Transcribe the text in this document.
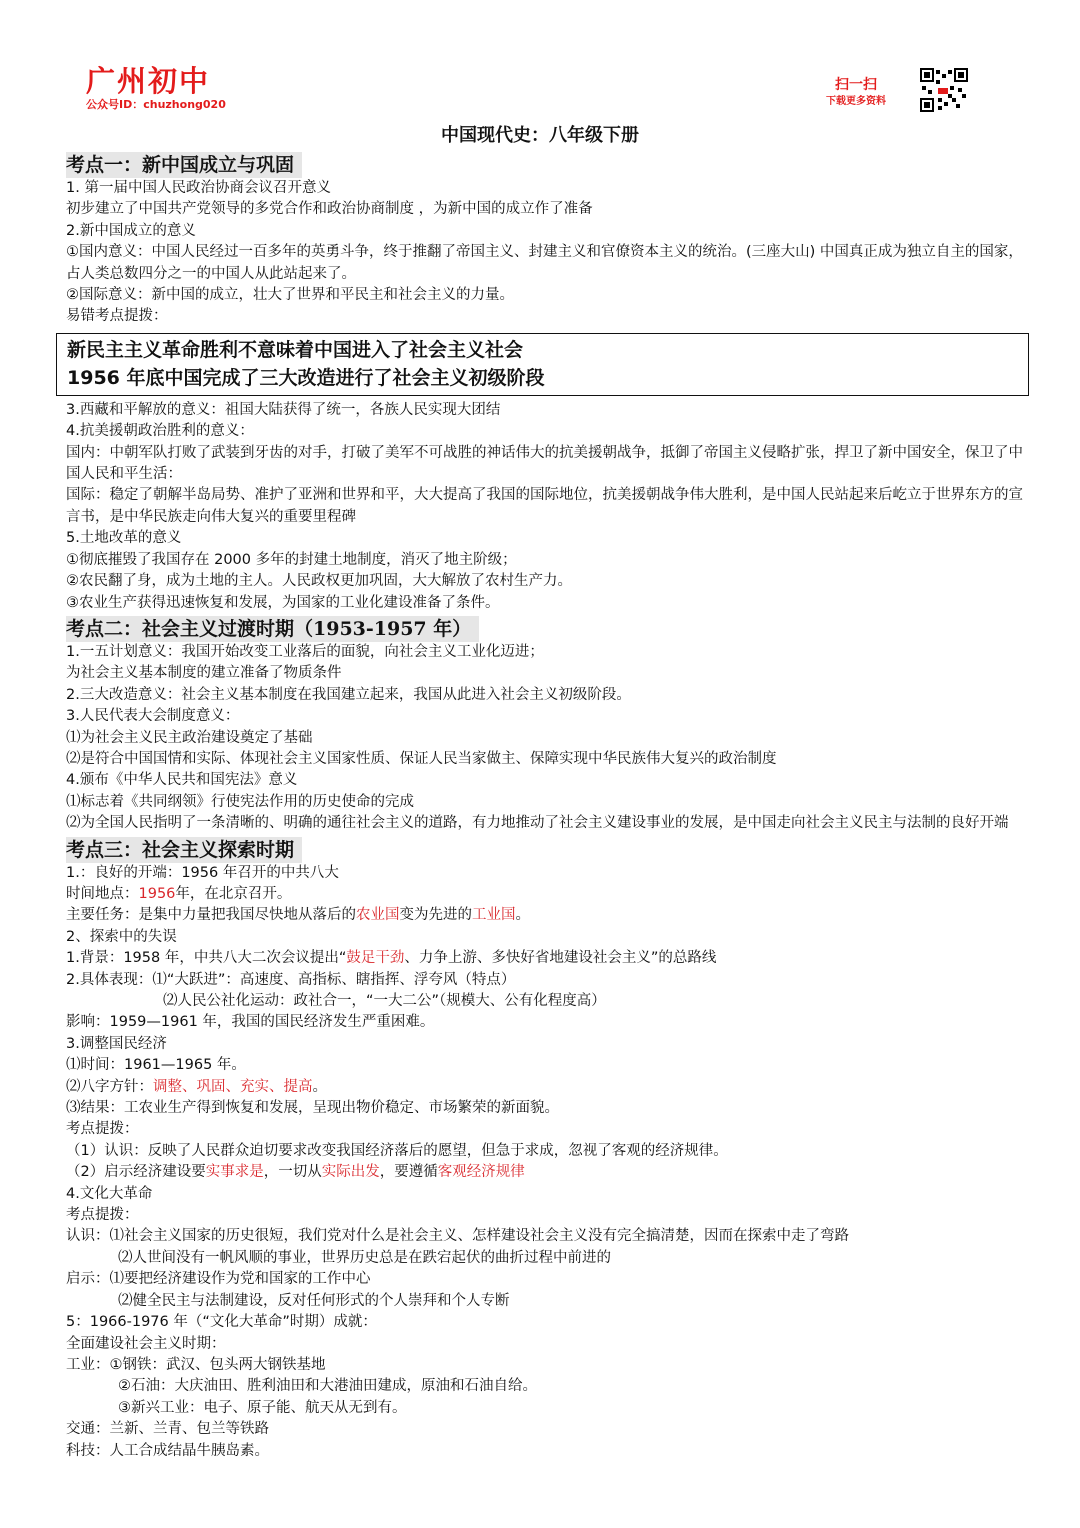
广州初中
公众号ID：chuzhong020
扫一扫
下载更多资料
中国现代史：八年级下册
考点一：新中国成立与巩固
1. 第一届中国人民政治协商会议召开意义
初步建立了中国共产党领导的多党合作和政治协商制度 ，为新中国的成立作了准备
2.新中国成立的意义
①国内意义：中国人民经过一百多年的英勇斗争，终于推翻了帝国主义、封建主义和官僚资本主义的统治。(三座大山) 中国真正成为独立自主的国家，占人类总数四分之一的中国人从此站起来了。
②国际意义：新中国的成立，壮大了世界和平民主和社会主义的力量。
易错考点提拨：
新民主主义革命胜利不意味着中国进入了社会主义社会
1956 年底中国完成了三大改造进行了社会主义初级阶段
3.西藏和平解放的意义：祖国大陆获得了统一，各族人民实现大团结
4.抗美援朝政治胜利的意义：
国内：中朝军队打败了武装到牙齿的对手，打破了美军不可战胜的神话伟大的抗美援朝战争，抵御了帝国主义侵略扩张，捍卫了新中国安全，保卫了中国人民和平生活：
国际：稳定了朝解半岛局势、准护了亚洲和世界和平，大大提高了我国的国际地位，抗美援朝战争伟大胜利，是中国人民站起来后屹立于世界东方的宣言书，是中华民族走向伟大复兴的重要里程碑
5.土地改革的意义
①彻底摧毁了我国存在 2000 多年的封建土地制度，消灭了地主阶级；
②农民翻了身，成为土地的主人。人民政权更加巩固，大大解放了农村生产力。
③农业生产获得迅速恢复和发展，为国家的工业化建设准备了条件。
考点二：社会主义过渡时期（1953-1957 年）
1.一五计划意义：我国开始改变工业落后的面貌，向社会主义工业化迈进；
为社会主义基本制度的建立准备了物质条件
2.三大改造意义：社会主义基本制度在我国建立起来，我国从此进入社会主义初级阶段。
3.人民代表大会制度意义：
⑴为社会主义民主政治建设奠定了基础
⑵是符合中国国情和实际、体现社会主义国家性质、保证人民当家做主、保障实现中华民族伟大复兴的政治制度
4.颁布《中华人民共和国宪法》意义
⑴标志着《共同纲领》行使宪法作用的历史使命的完成
⑵为全国人民指明了一条清晰的、明确的通往社会主义的道路，有力地推动了社会主义建设事业的发展，是中国走向社会主义民主与法制的良好开端
考点三：社会主义探索时期
1.：良好的开端：1956 年召开的中共八大
时间地点：1956年，在北京召开。
主要任务：是集中力量把我国尽快地从落后的农业国变为先进的工业国。
2、探索中的失误
1.背景：1958 年，中共八大二次会议提出“鼓足干劲、力争上游、多快好省地建设社会主义”的总路线
2.具体表现：⑴“大跃进”：高速度、高指标、瞎指挥、浮夸风（特点）
⑵人民公社化运动：政社合一，“一大二公”（规模大、公有化程度高）
影响：1959—1961 年，我国的国民经济发生严重困难。
3.调整国民经济
⑴时间：1961—1965 年。
⑵八字方针：调整、巩固、充实、提高。
⑶结果：工农业生产得到恢复和发展，呈现出物价稳定、市场繁荣的新面貌。
考点提拨：
（1）认识：反映了人民群众迫切要求改变我国经济落后的愿望，但急于求成，忽视了客观的经济规律。
（2）启示经济建设要实事求是，一切从实际出发，要遵循客观经济规律
4.文化大革命
考点提拨：
认识：⑴社会主义国家的历史很短，我们党对什么是社会主义、怎样建设社会主义没有完全搞清楚，因而在探索中走了弯路
⑵人世间没有一帆风顺的事业，世界历史总是在跌宕起伏的曲折过程中前进的
启示：⑴要把经济建设作为党和国家的工作中心
⑵健全民主与法制建设，反对任何形式的个人崇拜和个人专断
5：1966-1976 年（“文化大革命”时期）成就：
全面建设社会主义时期：
工业：①钢铁：武汉、包头两大钢铁基地
②石油：大庆油田、胜利油田和大港油田建成，原油和石油自给。
③新兴工业：电子、原子能、航天从无到有。
交通：兰新、兰青、包兰等铁路
科技：人工合成结晶牛胰岛素。
